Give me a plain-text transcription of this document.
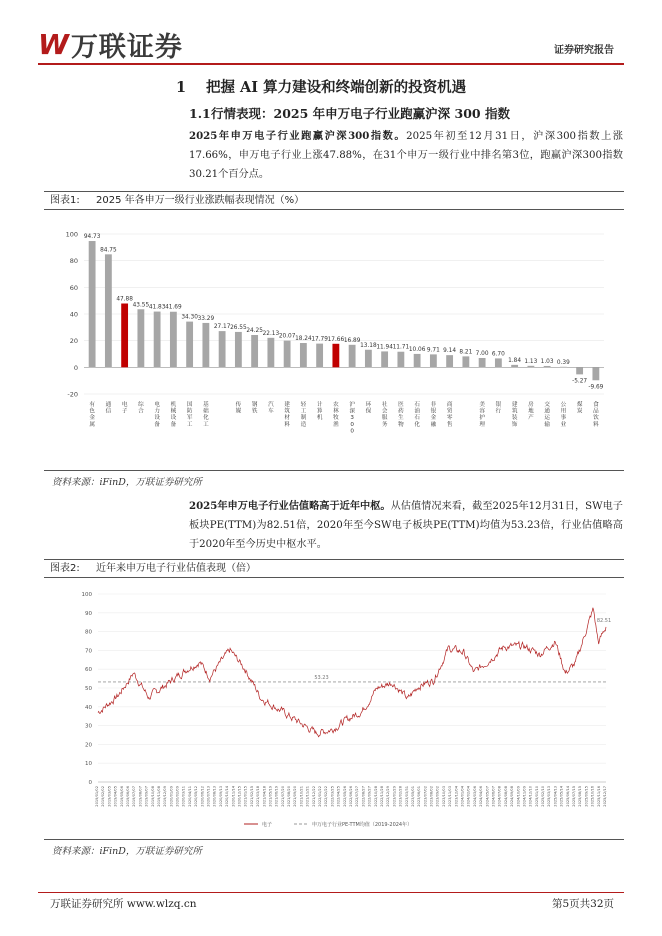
W 万联证券	证券研究报告
1 把握 AI 算力建设和终端创新的投资机遇
1.1行情表现：2025 年申万电子行业跑赢沪深 300 指数
2025年申万电子行业跑赢沪深300指数。2025年初至12月31日，沪深300指数上涨17.66%，申万电子行业上涨47.88%，在31个申万一级行业中排名第3位，跑赢沪深300指数30.21个百分点。
图表1: 2025 年各申万一级行业涨跌幅表现情况（%）
-20
0
20
40
60
80
100 94.73
84.75
47.88
43.55 41.83 41.69
34.30 33.29
27.17 26.55
24.25 22.13 20.07 18.24 17.79 17.66 16.89
13.18 11.94 11.71 10.06 9.71 9.14 8.21 7.00 6.70
1.84 1.13 1.03 0.39
-5.27
-9.69
有色金属
通信
电子
综合
电力设备
机械设备
国防军工
基础化工
传媒
钢铁
汽车
建筑材料
轻工制造
计算机
农林牧渔
沪深 3 0 0
环保
社会服务
医药生物
石油石化
非银金融
商贸零售
美容护理
银行
建筑装饰
房地产
交通运输
公用事业
煤炭
食品饮料
资料来源：iFinD，万联证券研究所
2025年申万电子行业估值略高于近年中枢。从估值情况来看，截至2025年12月31日，SW电子板块PE(TTM)为82.51倍，2020年至今SW电子板块PE(TTM)均值为53.23倍，行业估值略高于2020年至今历史中枢水平。
图表2: 近年来申万电子行业估值表现（倍）
0
10
20
30
40
50
60
70
80
90
100
2019/01/02 2019/02/02 2019/03/05 2019/04/05 2019/05/06 2019/06/06 2019/07/07 2019/08/07 2019/09/07 2019/10/08 2019/11/08 2019/12/09 2020/01/09 2020/02/09 2020/03/11 2020/04/11 2020/05/12 2020/06/12 2020/07/13 2020/08/13 2020/09/13 2020/10/14 2020/11/14 2020/12/15 2021/01/15 2021/02/15 2021/03/18 2021/04/18 2021/05/19 2021/06/19 2021/07/20 2021/08/20 2021/09/20 2021/10/21 2021/11/21 2021/12/22 2022/01/22 2022/02/22 2022/03/25 2022/04/25 2022/05/26 2022/06/26 2022/07/27 2022/08/27 2022/09/27 2022/10/28 2022/11/28 2022/12/29 2023/01/29 2023/02/28 2023/03/31 2023/05/01 2023/06/01 2023/07/02 2023/08/02 2023/09/02 2023/10/03 2023/11/03 2023/12/04 2024/01/04 2024/02/04 2024/03/06 2024/04/06 2024/05/07 2024/06/07 2024/07/08 2024/08/08 2024/09/08 2024/10/09 2024/11/09 2024/12/10 2025/01/10 2025/02/10 2025/03/13 2025/04/13 2025/05/14 2025/06/14 2025/07/15 2025/08/15 2025/09/15 2025/10/16 2025/11/16 2025/12/17
53.23
82.51
电子	申万电子行业PE-TTM均值（2019-2024年）
资料来源：iFinD，万联证券研究所
万联证券研究所 www.wlzq.cn	第5页共32页
